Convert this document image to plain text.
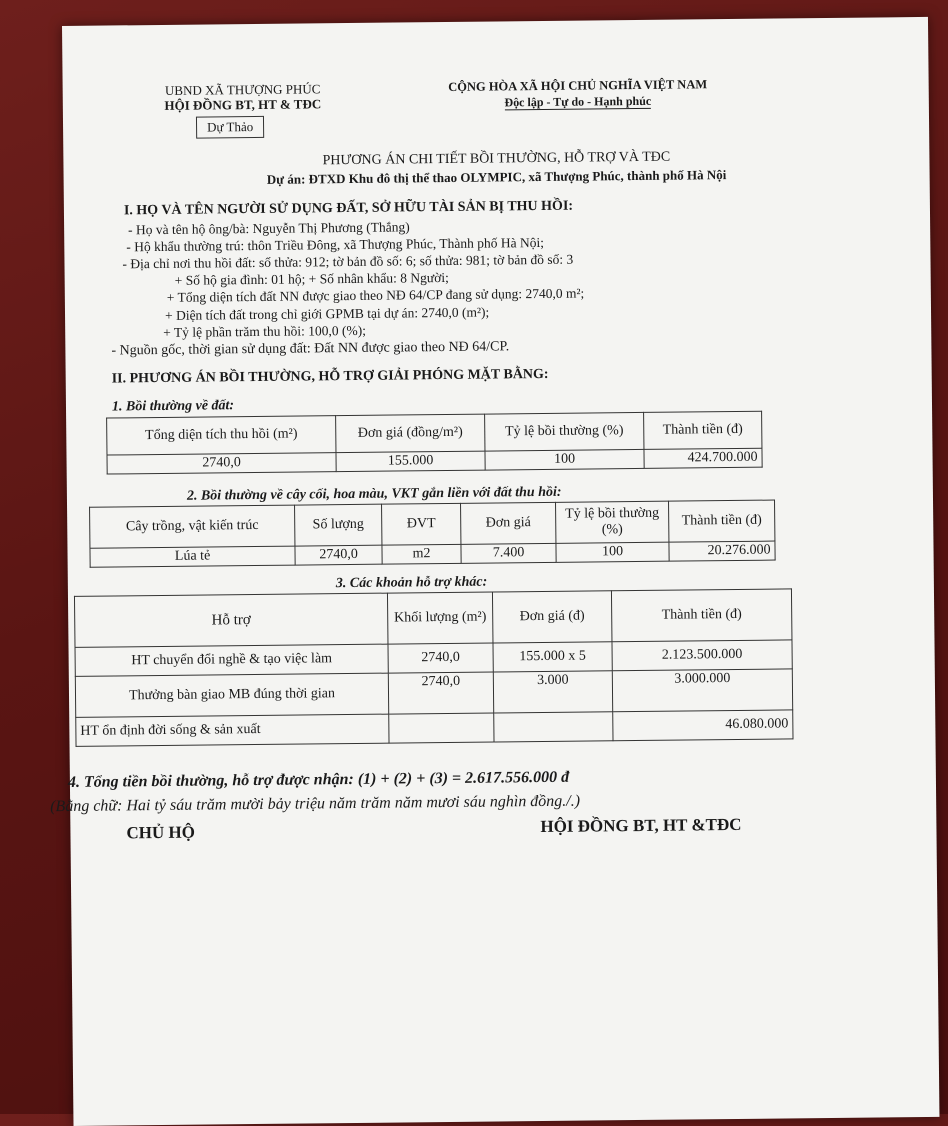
UBND XÃ THƯỢNG PHÚC
HỘI ĐỒNG BT, HT & TĐC
CỘNG HÒA XÃ HỘI CHỦ NGHĨA VIỆT NAM
Độc lập - Tự do - Hạnh phúc
Dự Thảo
PHƯƠNG ÁN CHI TIẾT BỒI THƯỜNG, HỖ TRỢ VÀ TĐC
Dự án: ĐTXD Khu đô thị thể thao OLYMPIC, xã Thượng Phúc, thành phố Hà Nội
I. HỌ VÀ TÊN NGƯỜI SỬ DỤNG ĐẤT, SỞ HỮU TÀI SẢN BỊ THU HỒI:
- Họ và tên hộ ông/bà: Nguyễn Thị Phương (Thắng)
- Hộ khẩu thường trú: thôn Triều Đông, xã Thượng Phúc, Thành phố Hà Nội;
- Địa chỉ nơi thu hồi đất: số thửa: 912; tờ bản đồ số: 6; số thửa: 981; tờ bản đồ số: 3
+ Số hộ gia đình: 01 hộ; + Số nhân khẩu: 8 Người;
+ Tổng diện tích đất NN được giao theo NĐ 64/CP đang sử dụng: 2740,0 m²;
+ Diện tích đất trong chỉ giới GPMB tại dự án: 2740,0 (m²);
+ Tỷ lệ phần trăm thu hồi: 100,0 (%);
- Nguồn gốc, thời gian sử dụng đất: Đất NN được giao theo NĐ 64/CP.
II. PHƯƠNG ÁN BỒI THƯỜNG, HỖ TRỢ GIẢI PHÓNG MẶT BẰNG:
1. Bồi thường về đất:
Tổng diện tích thu hồi (m²)	Đơn giá (đồng/m²)	Tỷ lệ bồi thường (%)	Thành tiền (đ)
2740,0	155.000	100	424.700.000
2. Bồi thường về cây cối, hoa màu, VKT gắn liền với đất thu hồi:
Cây trồng, vật kiến trúc	Số lượng	ĐVT	Đơn giá	Tỷ lệ bồi thường (%)	Thành tiền (đ)
Lúa tẻ	2740,0	m2	7.400	100	20.276.000
3. Các khoản hỗ trợ khác:
Hỗ trợ	Khối lượng (m²)	Đơn giá (đ)	Thành tiền (đ)
HT chuyển đổi nghề & tạo việc làm	2740,0	155.000 x 5	2.123.500.000
Thưởng bàn giao MB đúng thời gian	2740,0	3.000	3.000.000
HT ổn định đời sống & sản xuất			46.080.000
4. Tổng tiền bồi thường, hỗ trợ được nhận: (1) + (2) + (3) = 2.617.556.000 đ
(Bằng chữ: Hai tỷ sáu trăm mười bảy triệu năm trăm năm mươi sáu nghìn đồng./.)
CHỦ HỘ	HỘI ĐỒNG BT, HT &TĐC
